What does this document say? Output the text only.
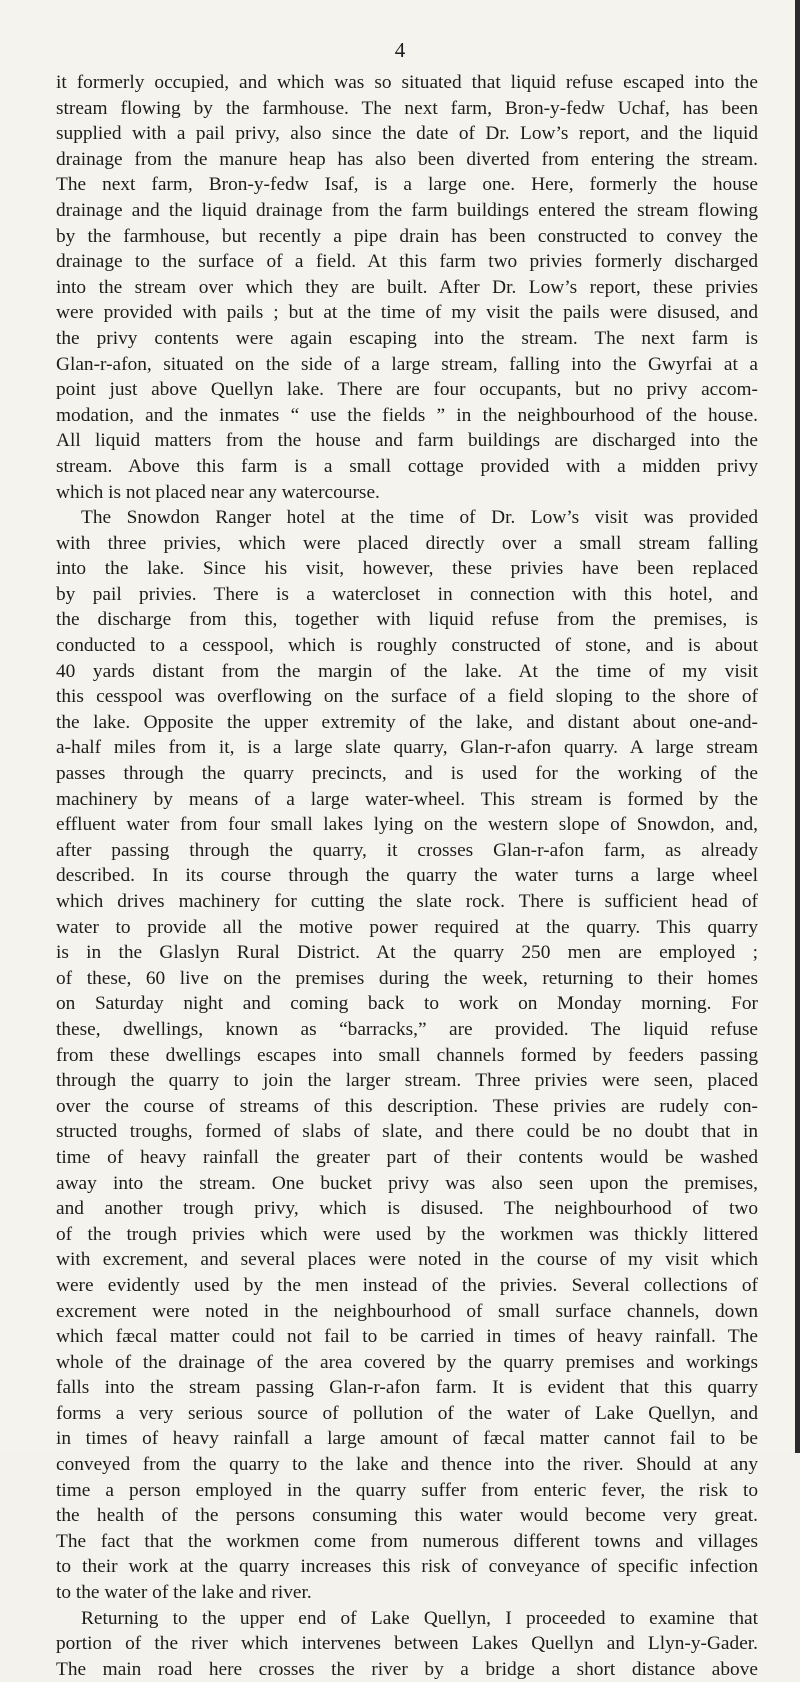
4
it formerly occupied, and which was so situated that liquid refuse escaped into the
stream flowing by the farmhouse. The next farm, Bron-y-fedw Uchaf, has been
supplied with a pail privy, also since the date of Dr. Low’s report, and the liquid
drainage from the manure heap has also been diverted from entering the stream.
The next farm, Bron-y-fedw Isaf, is a large one. Here, formerly the house
drainage and the liquid drainage from the farm buildings entered the stream flowing
by the farmhouse, but recently a pipe drain has been constructed to convey the
drainage to the surface of a field. At this farm two privies formerly discharged
into the stream over which they are built. After Dr. Low’s report, these privies
were provided with pails ; but at the time of my visit the pails were disused, and
the privy contents were again escaping into the stream. The next farm is
Glan-r-afon, situated on the side of a large stream, falling into the Gwyrfai at a
point just above Quellyn lake. There are four occupants, but no privy accom-
modation, and the inmates “ use the fields ” in the neighbourhood of the house.
All liquid matters from the house and farm buildings are discharged into the
stream. Above this farm is a small cottage provided with a midden privy
which is not placed near any watercourse.
The Snowdon Ranger hotel at the time of Dr. Low’s visit was provided
with three privies, which were placed directly over a small stream falling
into the lake. Since his visit, however, these privies have been replaced
by pail privies. There is a watercloset in connection with this hotel, and
the discharge from this, together with liquid refuse from the premises, is
conducted to a cesspool, which is roughly constructed of stone, and is about
40 yards distant from the margin of the lake. At the time of my visit
this cesspool was overflowing on the surface of a field sloping to the shore of
the lake. Opposite the upper extremity of the lake, and distant about one-and-
a-half miles from it, is a large slate quarry, Glan-r-afon quarry. A large stream
passes through the quarry precincts, and is used for the working of the
machinery by means of a large water-wheel. This stream is formed by the
effluent water from four small lakes lying on the western slope of Snowdon, and,
after passing through the quarry, it crosses Glan-r-afon farm, as already
described. In its course through the quarry the water turns a large wheel
which drives machinery for cutting the slate rock. There is sufficient head of
water to provide all the motive power required at the quarry. This quarry
is in the Glaslyn Rural District. At the quarry 250 men are employed ;
of these, 60 live on the premises during the week, returning to their homes
on Saturday night and coming back to work on Monday morning. For
these, dwellings, known as “barracks,” are provided. The liquid refuse
from these dwellings escapes into small channels formed by feeders passing
through the quarry to join the larger stream. Three privies were seen, placed
over the course of streams of this description. These privies are rudely con-
structed troughs, formed of slabs of slate, and there could be no doubt that in
time of heavy rainfall the greater part of their contents would be washed
away into the stream. One bucket privy was also seen upon the premises,
and another trough privy, which is disused. The neighbourhood of two
of the trough privies which were used by the workmen was thickly littered
with excrement, and several places were noted in the course of my visit which
were evidently used by the men instead of the privies. Several collections of
excrement were noted in the neighbourhood of small surface channels, down
which fæcal matter could not fail to be carried in times of heavy rainfall. The
whole of the drainage of the area covered by the quarry premises and workings
falls into the stream passing Glan-r-afon farm. It is evident that this quarry
forms a very serious source of pollution of the water of Lake Quellyn, and
in times of heavy rainfall a large amount of fæcal matter cannot fail to be
conveyed from the quarry to the lake and thence into the river. Should at any
time a person employed in the quarry suffer from enteric fever, the risk to
the health of the persons consuming this water would become very great.
The fact that the workmen come from numerous different towns and villages
to their work at the quarry increases this risk of conveyance of specific infection
to the water of the lake and river.
Returning to the upper end of Lake Quellyn, I proceeded to examine that
portion of the river which intervenes between Lakes Quellyn and Llyn-y-Gader.
The main road here crosses the river by a bridge a short distance above
